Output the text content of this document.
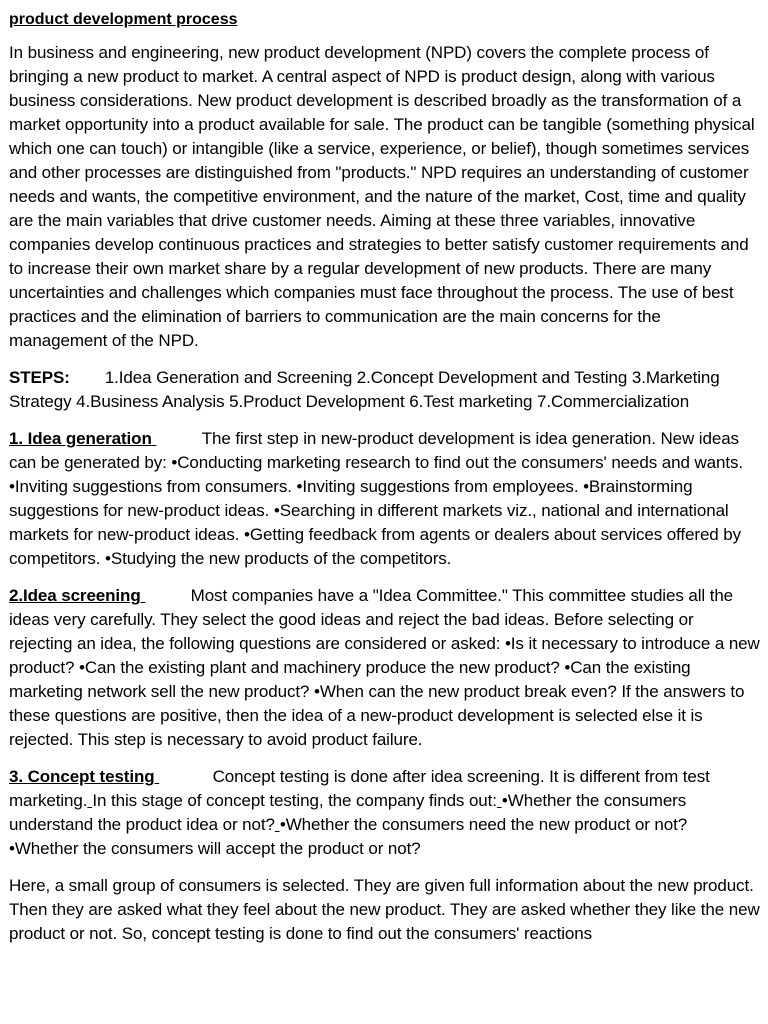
product development process

In business and engineering, new product development (NPD) covers the complete process of bringing a new product to market. A central aspect of NPD is product design, along with various business considerations. New product development is described broadly as the transformation of a market opportunity into a product available for sale. The product can be tangible (something physical which one can touch) or intangible (like a service, experience, or belief), though sometimes services and other processes are distinguished from "products." NPD requires an understanding of customer needs and wants, the competitive environment, and the nature of the market, Cost, time and quality are the main variables that drive customer needs. Aiming at these three variables, innovative companies develop continuous practices and strategies to better satisfy customer requirements and to increase their own market share by a regular development of new products. There are many uncertainties and challenges which companies must face throughout the process. The use of best practices and the elimination of barriers to communication are the main concerns for the management of the NPD.

STEPS: 1.Idea Generation and Screening 2.Concept Development and Testing 3.Marketing Strategy 4.Business Analysis 5.Product Development 6.Test marketing 7.Commercialization

1. Idea generation	The first step in new-product development is idea generation. New ideas can be generated by: •Conducting marketing research to find out the consumers' needs and wants. •Inviting suggestions from consumers. •Inviting suggestions from employees. •Brainstorming suggestions for new-product ideas. •Searching in different markets viz., national and international markets for new-product ideas. •Getting feedback from agents or dealers about services offered by competitors. •Studying the new products of the competitors.

2.Idea screening	Most companies have a "Idea Committee." This committee studies all the ideas very carefully. They select the good ideas and reject the bad ideas. Before selecting or rejecting an idea, the following questions are considered or asked: •Is it necessary to introduce a new product? •Can the existing plant and machinery produce the new product? •Can the existing marketing network sell the new product? •When can the new product break even? If the answers to these questions are positive, then the idea of a new-product development is selected else it is rejected. This step is necessary to avoid product failure.

3. Concept testing	Concept testing is done after idea screening. It is different from test marketing. In this stage of concept testing, the company finds out: •Whether the consumers understand the product idea or not? •Whether the consumers need the new product or not? •Whether the consumers will accept the product or not?

Here, a small group of consumers is selected. They are given full information about the new product. Then they are asked what they feel about the new product. They are asked whether they like the new product or not. So, concept testing is done to find out the consumers' reactions
